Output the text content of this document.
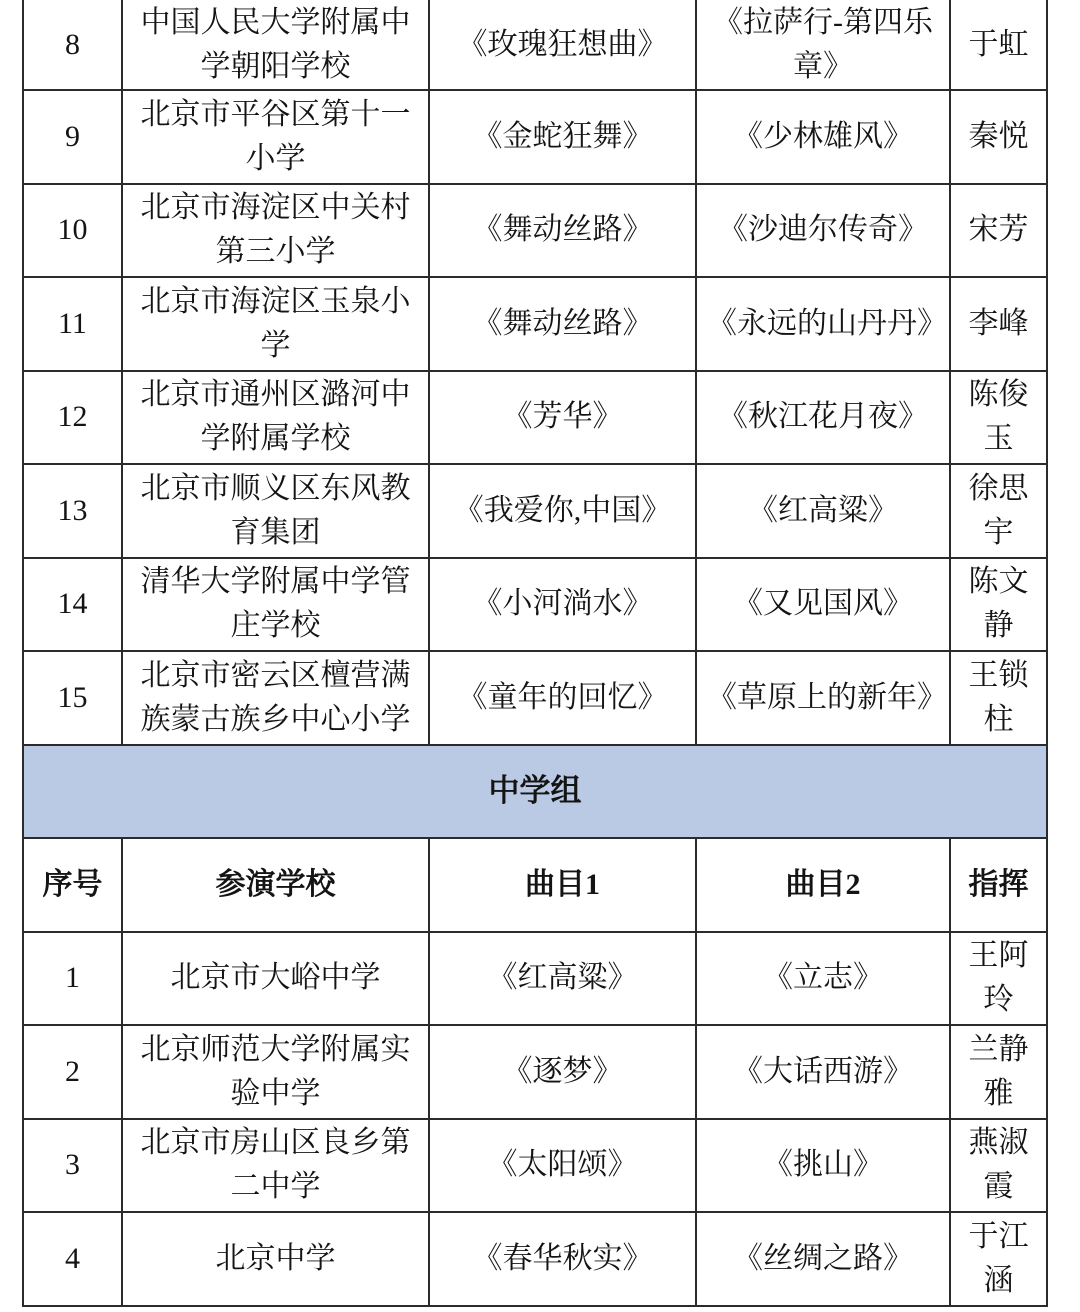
8	中国人民大学附属中学朝阳学校	《玫瑰狂想曲》	《拉萨行-第四乐章》	于虹
9	北京市平谷区第十一小学	《金蛇狂舞》	《少林雄风》	秦悦
10	北京市海淀区中关村第三小学	《舞动丝路》	《沙迪尔传奇》	宋芳
11	北京市海淀区玉泉小学	《舞动丝路》	《永远的山丹丹》	李峰
12	北京市通州区潞河中学附属学校	《芳华》	《秋江花月夜》	陈俊玉
13	北京市顺义区东风教育集团	《我爱你,中国》	《红高粱》	徐思宇
14	清华大学附属中学管庄学校	《小河淌水》	《又见国风》	陈文静
15	北京市密云区檀营满族蒙古族乡中心小学	《童年的回忆》	《草原上的新年》	王锁柱
中学组				
序号	参演学校	曲目1	曲目2	指挥
1	北京市大峪中学	《红高粱》	《立志》	王阿玲
2	北京师范大学附属实验中学	《逐梦》	《大话西游》	兰静雅
3	北京市房山区良乡第二中学	《太阳颂》	《挑山》	燕淑霞
4	北京中学	《春华秋实》	《丝绸之路》	于江涵
